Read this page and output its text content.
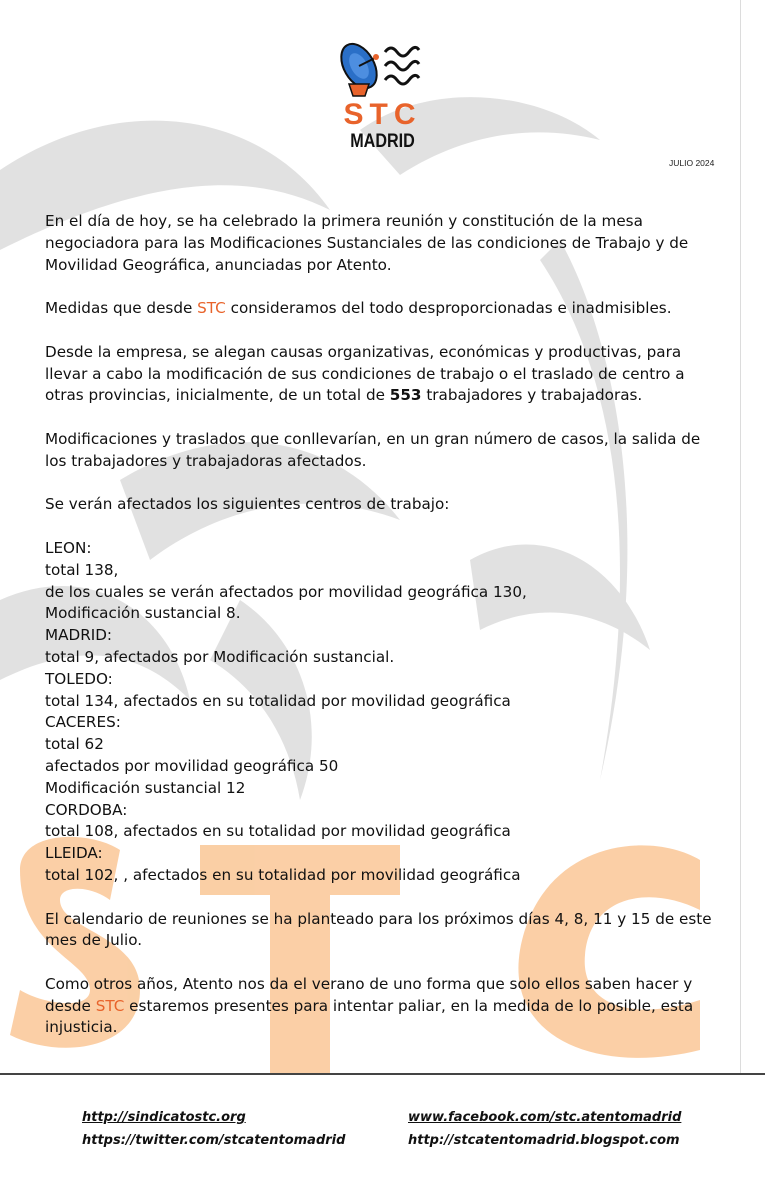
STC
MADRID
JULIO 2024

En el día de hoy, se ha celebrado la primera reunión y constitución de la mesa negociadora para las Modificaciones Sustanciales de las condiciones de Trabajo y de Movilidad Geográfica, anunciadas por Atento.

Medidas que desde STC consideramos del todo desproporcionadas e inadmisibles.

Desde la empresa, se alegan causas organizativas, económicas y productivas, para llevar a cabo la modificación de sus condiciones de trabajo o el traslado de centro a otras provincias, inicialmente, de un total de 553 trabajadores y trabajadoras.

Modificaciones y traslados que conllevarían, en un gran número de casos, la salida de los trabajadores y trabajadoras afectados.

Se verán afectados los siguientes centros de trabajo:

LEON:
total 138,
de los cuales se verán afectados por movilidad geográfica 130,
Modificación sustancial 8.
MADRID:
total 9, afectados por Modificación sustancial.
TOLEDO:
total 134, afectados en su totalidad por movilidad geográfica
CACERES:
total 62
afectados por movilidad geográfica 50
Modificación sustancial 12
CORDOBA:
total 108, afectados en su totalidad por movilidad geográfica
LLEIDA:
total 102, , afectados en su totalidad por movilidad geográfica

El calendario de reuniones se ha planteado para los próximos días 4, 8, 11 y 15 de este mes de Julio.

Como otros años, Atento nos da el verano de uno forma que solo ellos saben hacer y desde STC estaremos presentes para intentar paliar, en la medida de lo posible, esta injusticia.

http://sindicatostc.org	www.facebook.com/stc.atentomadrid
https://twitter.com/stcatentomadrid	http://stcatentomadrid.blogspot.com
